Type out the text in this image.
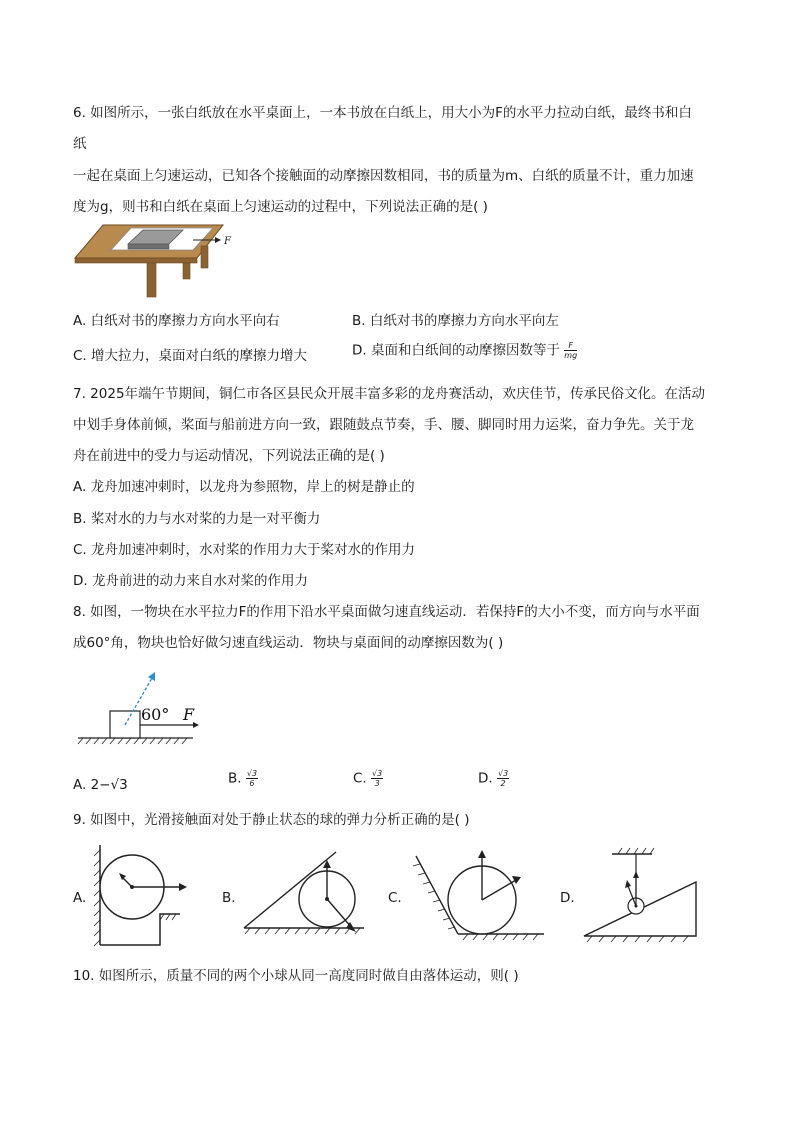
6. 如图所示，一张白纸放在水平桌面上，一本书放在白纸上，用大小为F的水平力拉动白纸，最终书和白
纸
一起在桌面上匀速运动，已知各个接触面的动摩擦因数相同，书的质量为m、白纸的质量不计，重力加速
度为g，则书和白纸在桌面上匀速运动的过程中，下列说法正确的是( )
F
A. 白纸对书的摩擦力方向水平向右	B. 白纸对书的摩擦力方向水平向左
C. 增大拉力，桌面对白纸的摩擦力增大	D. 桌面和白纸间的动摩擦因数等于 $\frac{F}{mg}$
7. 2025年端午节期间，铜仁市各区县民众开展丰富多彩的龙舟赛活动，欢庆佳节，传承民俗文化。在活动
中划手身体前倾，桨面与船前进方向一致，跟随鼓点节奏，手、腰、脚同时用力运桨，奋力争先。关于龙
舟在前进中的受力与运动情况，下列说法正确的是( )
A. 龙舟加速冲刺时，以龙舟为参照物，岸上的树是静止的
B. 桨对水的力与水对桨的力是一对平衡力
C. 龙舟加速冲刺时，水对桨的作用力大于桨对水的作用力
D. 龙舟前进的动力来自水对桨的作用力
8. 如图，一物块在水平拉力F的作用下沿水平桌面做匀速直线运动．若保持F的大小不变，而方向与水平面
成60°角，物块也恰好做匀速直线运动．物块与桌面间的动摩擦因数为( )
60° F
A. 2−√3	B. $\frac{√3}{6}$	C. $\frac{√3}{3}$	D. $\frac{√3}{2}$
9. 如图中，光滑接触面对处于静止状态的球的弹力分析正确的是( )
A.	B.	C.	D.
10. 如图所示，质量不同的两个小球从同一高度同时做自由落体运动，则( )
